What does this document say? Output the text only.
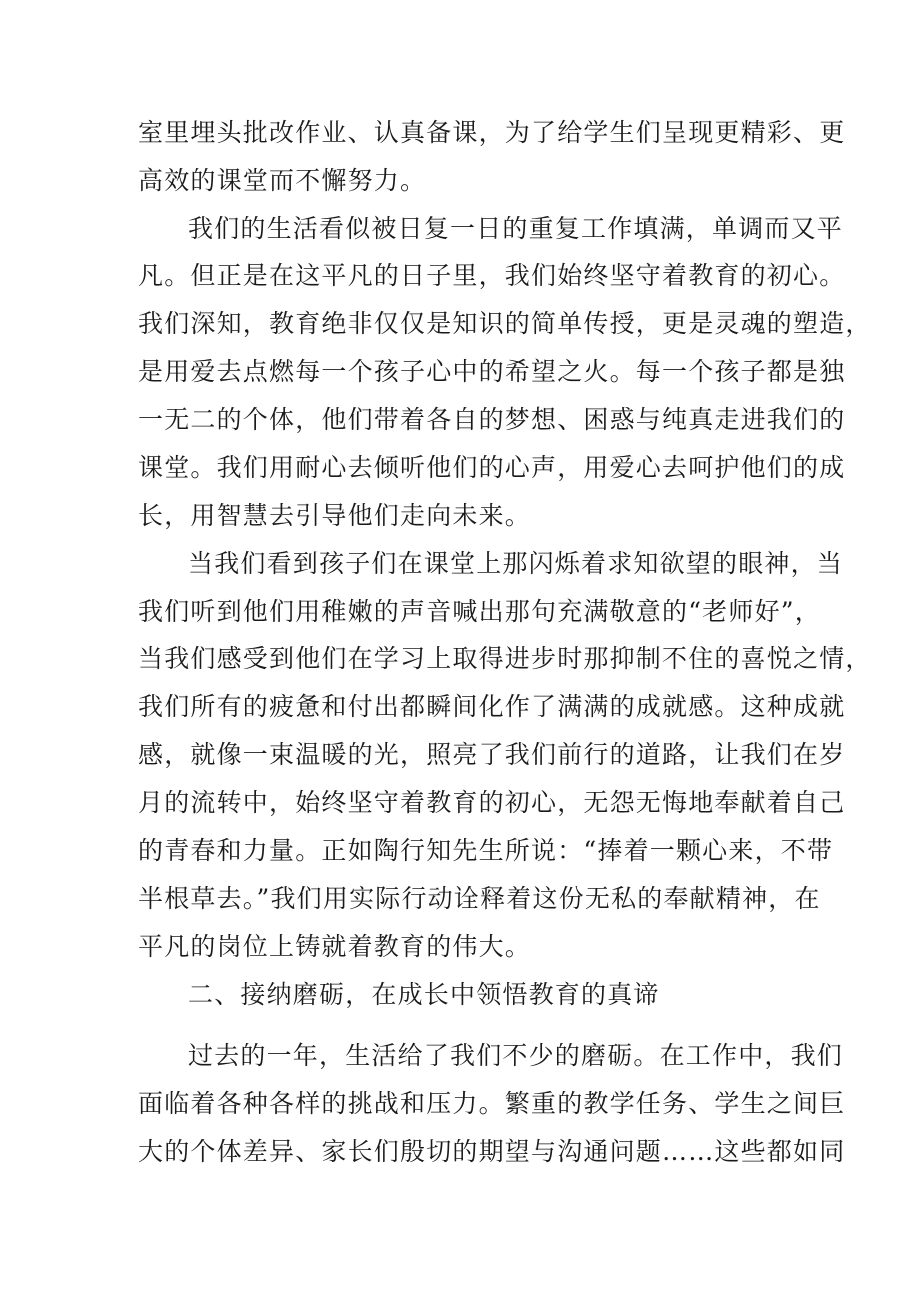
室里埋头批改作业、认真备课，为了给学生们呈现更精彩、更
高效的课堂而不懈努力。
我们的生活看似被日复一日的重复工作填满，单调而又平
凡。但正是在这平凡的日子里，我们始终坚守着教育的初心。
我们深知，教育绝非仅仅是知识的简单传授，更是灵魂的塑造，
是用爱去点燃每一个孩子心中的希望之火。每一个孩子都是独
一无二的个体，他们带着各自的梦想、困惑与纯真走进我们的
课堂。我们用耐心去倾听他们的心声，用爱心去呵护他们的成
长，用智慧去引导他们走向未来。
当我们看到孩子们在课堂上那闪烁着求知欲望的眼神，当
我们听到他们用稚嫩的声音喊出那句充满敬意的“老师好”，
当我们感受到他们在学习上取得进步时那抑制不住的喜悦之情，
我们所有的疲惫和付出都瞬间化作了满满的成就感。这种成就
感，就像一束温暖的光，照亮了我们前行的道路，让我们在岁
月的流转中，始终坚守着教育的初心，无怨无悔地奉献着自己
的青春和力量。正如陶行知先生所说：“捧着一颗心来，不带
半根草去。”我们用实际行动诠释着这份无私的奉献精神，在
平凡的岗位上铸就着教育的伟大。
二、接纳磨砺，在成长中领悟教育的真谛
过去的一年，生活给了我们不少的磨砺。在工作中，我们
面临着各种各样的挑战和压力。繁重的教学任务、学生之间巨
大的个体差异、家长们殷切的期望与沟通问题……这些都如同
